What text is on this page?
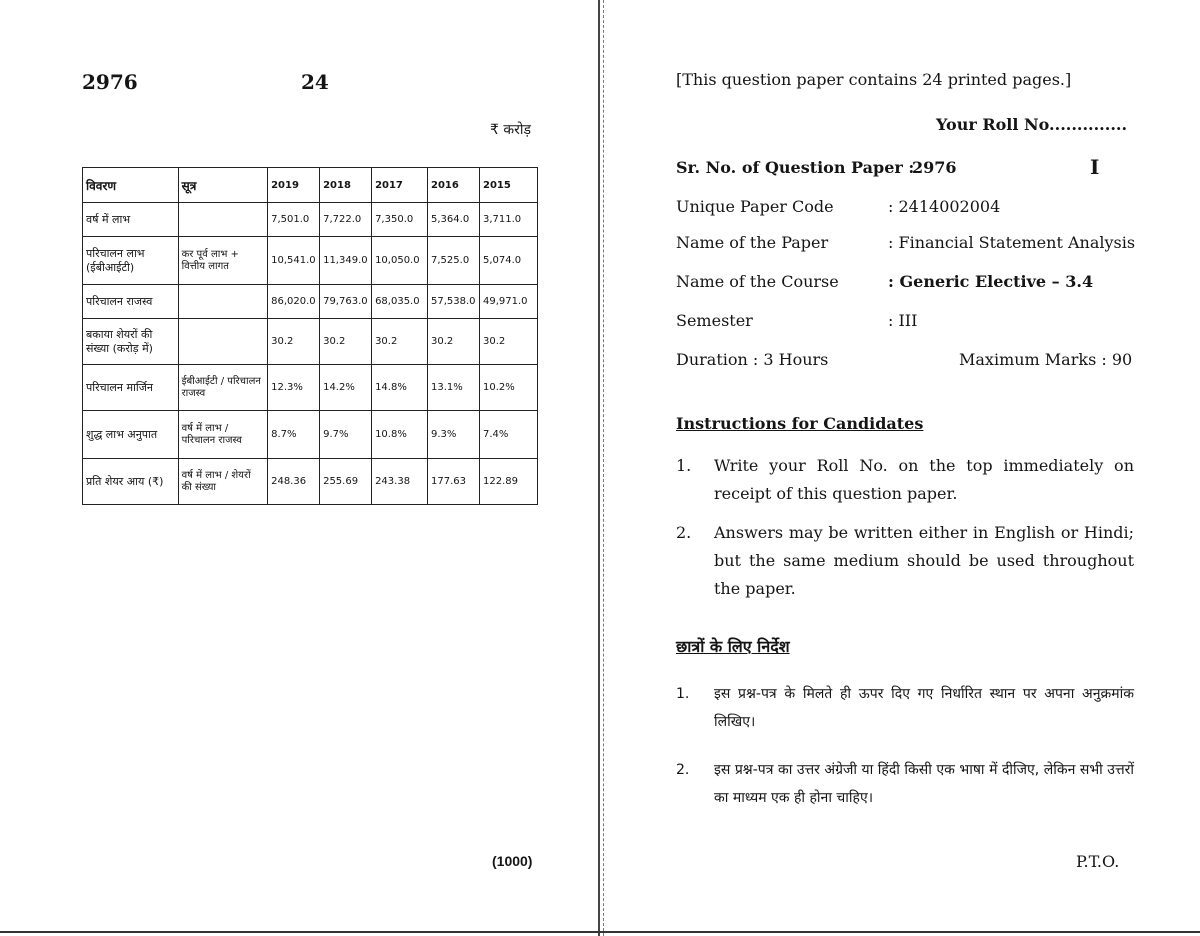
2976	24
₹ करोड़
विवरण	सूत्र	2019	2018	2017	2016	2015
वर्ष में लाभ		7,501.0	7,722.0	7,350.0	5,364.0	3,711.0
परिचालन लाभ (ईबीआईटी)	कर पूर्व लाभ + वित्तीय लागत	10,541.0	11,349.0	10,050.0	7,525.0	5,074.0
परिचालन राजस्व		86,020.0	79,763.0	68,035.0	57,538.0	49,971.0
बकाया शेयरों की संख्या (करोड़ में)		30.2	30.2	30.2	30.2	30.2
परिचालन मार्जिन	ईबीआईटी / परिचालन राजस्व	12.3%	14.2%	14.8%	13.1%	10.2%
शुद्ध लाभ अनुपात	वर्ष में लाभ / परिचालन राजस्व	8.7%	9.7%	10.8%	9.3%	7.4%
प्रति शेयर आय (₹)	वर्ष में लाभ / शेयरों की संख्या	248.36	255.69	243.38	177.63	122.89
(1000)
[This question paper contains 24 printed pages.]
Your Roll No..............
Sr. No. of Question Paper :
2976	I
Unique Paper Code	: 2414002004
Name of the Paper	: Financial Statement Analysis
Name of the Course	: Generic Elective – 3.4
Semester	: III
Duration : 3 Hours	Maximum Marks : 90
Instructions for Candidates
1. Write your Roll No. on the top immediately on receipt of this question paper.
2. Answers may be written either in English or Hindi; but the same medium should be used throughout the paper.
छात्रों के लिए निर्देश
1. इस प्रश्न-पत्र के मिलते ही ऊपर दिए गए निर्धारित स्थान पर अपना अनुक्रमांक लिखिए।
2. इस प्रश्न-पत्र का उत्तर अंग्रेजी या हिंदी किसी एक भाषा में दीजिए, लेकिन सभी उत्तरों का माध्यम एक ही होना चाहिए।
P.T.O.
